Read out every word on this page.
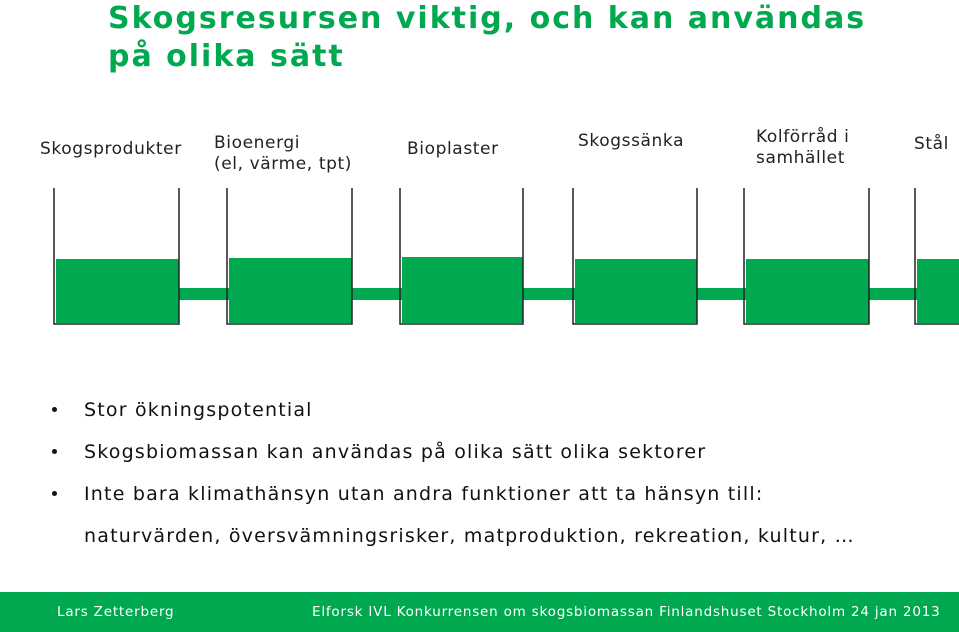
Skogsresursen viktig, och kan användas
på olika sätt
Skogsprodukter Bioenergi
(el, värme, tpt)
Bioplaster	Skogssänka	Kolförråd i
samhället
Stål
Stor ökningspotential
Skogsbiomassan kan användas på olika sätt olika sektorer
Inte bara klimathänsyn utan andra funktioner att ta hänsyn till:
naturvärden, översvämningsrisker, matproduktion, rekreation, kultur, …
Lars Zetterberg	Elforsk IVL Konkurrensen om skogsbiomassan Finlandshuset Stockholm 24 jan 2013
